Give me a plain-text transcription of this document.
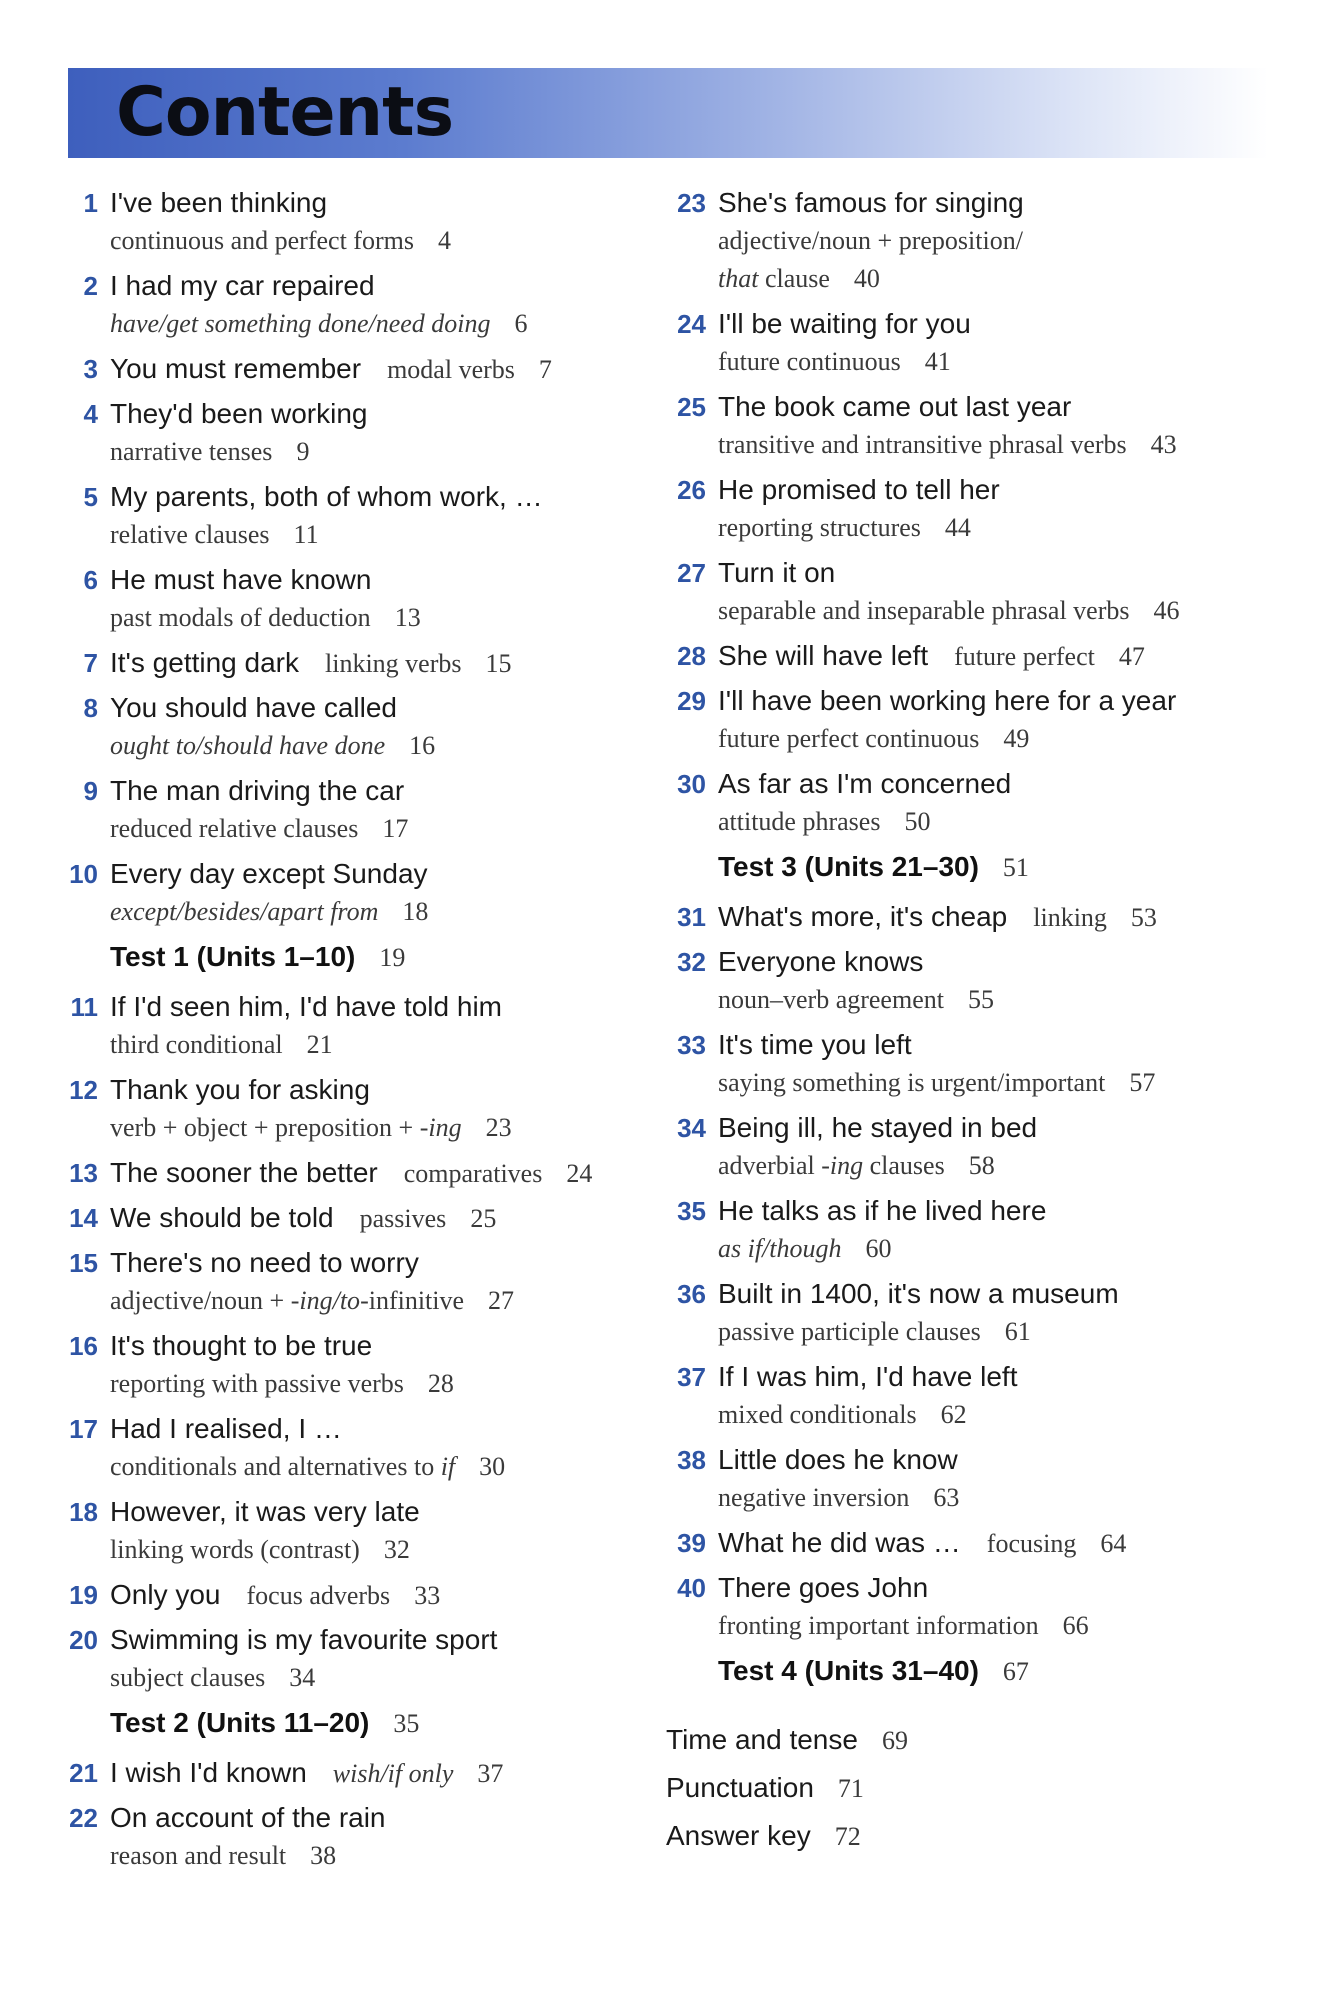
Contents
1 I've been thinking
continuous and perfect forms 4
2 I had my car repaired
have/get something done/need doing 6
3 You must remember modal verbs 7
4 They'd been working
narrative tenses 9
5 My parents, both of whom work, …
relative clauses 11
6 He must have known
past modals of deduction 13
7 It's getting dark linking verbs 15
8 You should have called
ought to/should have done 16
9 The man driving the car
reduced relative clauses 17
10 Every day except Sunday
except/besides/apart from 18
Test 1 (Units 1–10) 19
11 If I'd seen him, I'd have told him
third conditional 21
12 Thank you for asking
verb + object + preposition + -ing 23
13 The sooner the better comparatives 24
14 We should be told passives 25
15 There's no need to worry
adjective/noun + -ing/to-infinitive 27
16 It's thought to be true
reporting with passive verbs 28
17 Had I realised, I …
conditionals and alternatives to if 30
18 However, it was very late
linking words (contrast) 32
19 Only you focus adverbs 33
20 Swimming is my favourite sport
subject clauses 34
Test 2 (Units 11–20) 35
21 I wish I'd known wish/if only 37
22 On account of the rain
reason and result 38
23 She's famous for singing
adjective/noun + preposition/
that clause 40
24 I'll be waiting for you
future continuous 41
25 The book came out last year
transitive and intransitive phrasal verbs 43
26 He promised to tell her
reporting structures 44
27 Turn it on
separable and inseparable phrasal verbs 46
28 She will have left future perfect 47
29 I'll have been working here for a year
future perfect continuous 49
30 As far as I'm concerned
attitude phrases 50
Test 3 (Units 21–30) 51
31 What's more, it's cheap linking 53
32 Everyone knows
noun–verb agreement 55
33 It's time you left
saying something is urgent/important 57
34 Being ill, he stayed in bed
adverbial -ing clauses 58
35 He talks as if he lived here
as if/though 60
36 Built in 1400, it's now a museum
passive participle clauses 61
37 If I was him, I'd have left
mixed conditionals 62
38 Little does he know
negative inversion 63
39 What he did was … focusing 64
40 There goes John
fronting important information 66
Test 4 (Units 31–40) 67
Time and tense 69
Punctuation 71
Answer key 72
